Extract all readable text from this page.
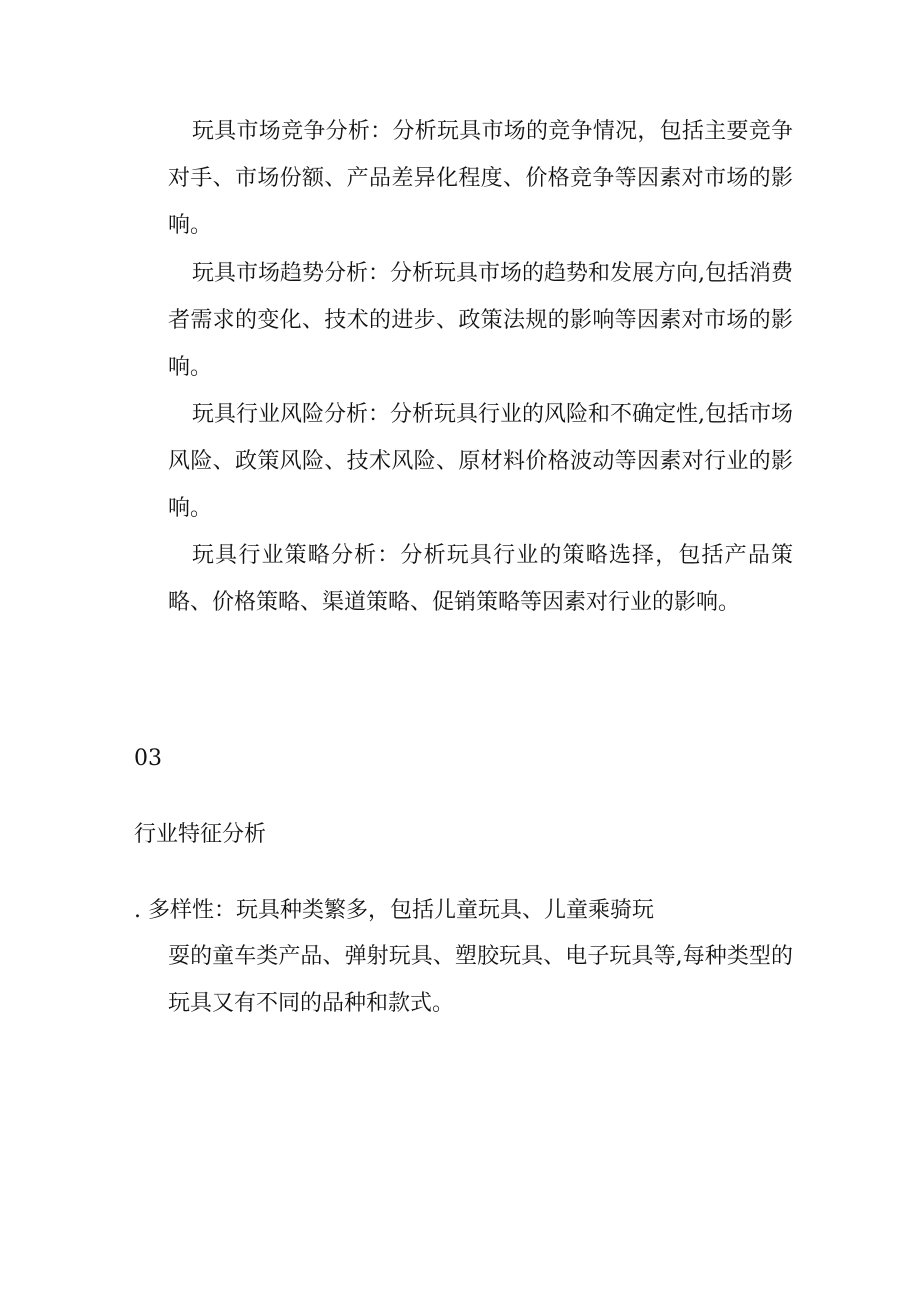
玩具市场竞争分析：分析玩具市场的竞争情况，包括主要竞争对手、市场份额、产品差异化程度、价格竞争等因素对市场的影响。

玩具市场趋势分析：分析玩具市场的趋势和发展方向,包括消费者需求的变化、技术的进步、政策法规的影响等因素对市场的影响。

玩具行业风险分析：分析玩具行业的风险和不确定性,包括市场风险、政策风险、技术风险、原材料价格波动等因素对行业的影响。

玩具行业策略分析：分析玩具行业的策略选择，包括产品策略、价格策略、渠道策略、促销策略等因素对行业的影响。

03
行业特征分析
. 多样性：玩具种类繁多，包括儿童玩具、儿童乘骑玩

耍的童车类产品、弹射玩具、塑胶玩具、电子玩具等,每种类型的玩具又有不同的品种和款式。
